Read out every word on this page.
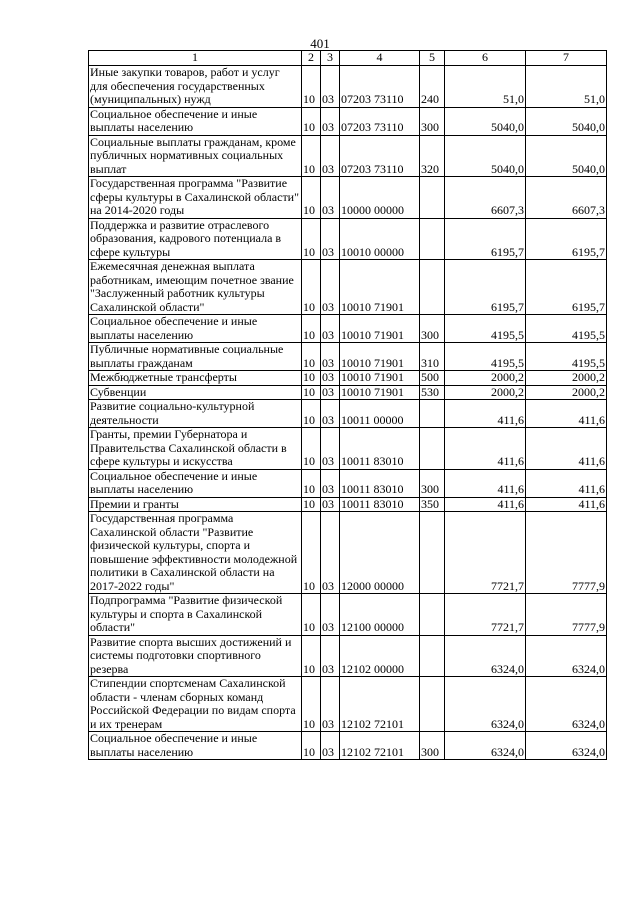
401
1	2	3	4	5	6	7
Иные закупки товаров, работ и услуг для обеспечения государственных (муниципальных) нужд	10	03	07203 73110	240	51,0	51,0
Социальное обеспечение и иные выплаты населению	10	03	07203 73110	300	5040,0	5040,0
Социальные выплаты гражданам, кроме публичных нормативных социальных выплат	10	03	07203 73110	320	5040,0	5040,0
Государственная программа "Развитие сферы культуры в Сахалинской области" на 2014-2020 годы	10	03	10000 00000		6607,3	6607,3
Поддержка и развитие отраслевого образования, кадрового потенциала в сфере культуры	10	03	10010 00000		6195,7	6195,7
Ежемесячная денежная выплата работникам, имеющим почетное звание "Заслуженный работник культуры Сахалинской области"	10	03	10010 71901		6195,7	6195,7
Социальное обеспечение и иные выплаты населению	10	03	10010 71901	300	4195,5	4195,5
Публичные нормативные социальные выплаты гражданам	10	03	10010 71901	310	4195,5	4195,5
Межбюджетные трансферты	10	03	10010 71901	500	2000,2	2000,2
Субвенции	10	03	10010 71901	530	2000,2	2000,2
Развитие социально-культурной деятельности	10	03	10011 00000		411,6	411,6
Гранты, премии Губернатора и Правительства Сахалинской области в сфере культуры и искусства	10	03	10011 83010		411,6	411,6
Социальное обеспечение и иные выплаты населению	10	03	10011 83010	300	411,6	411,6
Премии и гранты	10	03	10011 83010	350	411,6	411,6
Государственная программа Сахалинской области "Развитие физической культуры, спорта и повышение эффективности молодежной политики в Сахалинской области на 2017-2022 годы"	10	03	12000 00000		7721,7	7777,9
Подпрограмма "Развитие физической культуры и спорта в Сахалинской области"	10	03	12100 00000		7721,7	7777,9
Развитие спорта высших достижений и системы подготовки спортивного резерва	10	03	12102 00000		6324,0	6324,0
Стипендии спортсменам Сахалинской области - членам сборных команд Российской Федерации по видам спорта и их тренерам	10	03	12102 72101		6324,0	6324,0
Социальное обеспечение и иные выплаты населению	10	03	12102 72101	300	6324,0	6324,0
